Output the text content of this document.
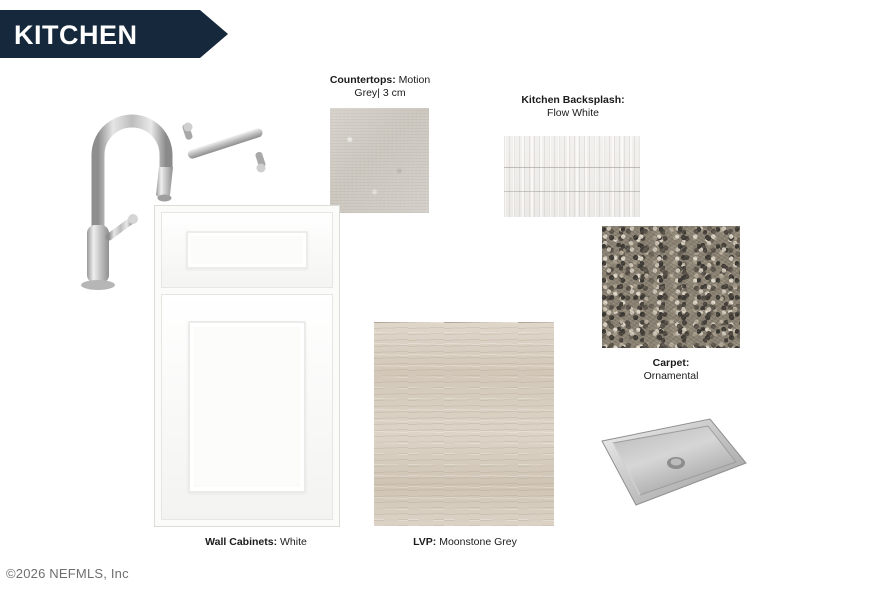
KITCHEN
Countertops: Motion
Grey| 3 cm
Kitchen Backsplash:
Flow White
Carpet:
Ornamental
Wall Cabinets: White	LVP: Moonstone Grey
©2026 NEFMLS, Inc
